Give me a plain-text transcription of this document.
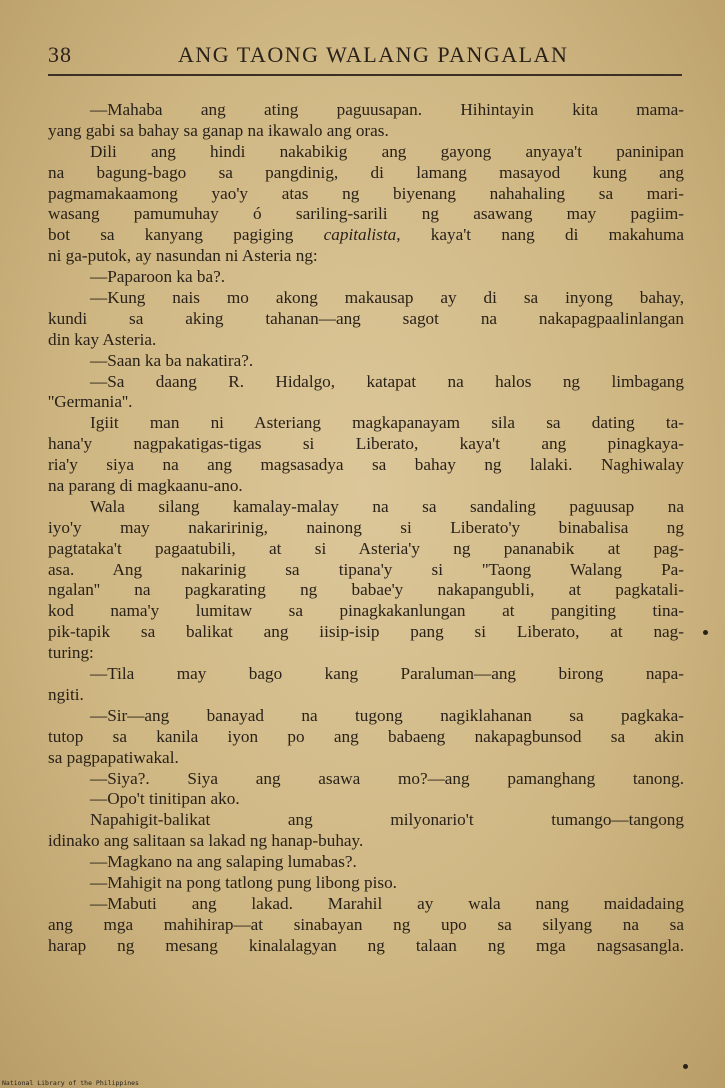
38	ANG TAONG WALANG PANGALAN
—Mahaba ang ating paguusapan. Hihintayin kita mama-
yang gabi sa bahay sa ganap na ikawalo ang oras.
Dili ang hindi nakabikig ang gayong anyaya't paninipan
na bagung-bago sa pangdinig, di lamang masayod kung ang
pagmamakaamong yao'y atas ng biyenang nahahaling sa mari-
wasang pamumuhay ó sariling-sarili ng asawang may pagiim-
bot sa kanyang pagiging capitalista, kaya't nang di makahuma
ni ga-putok, ay nasundan ni Asteria ng:
—Paparoon ka ba?.
—Kung nais mo akong makausap ay di sa inyong bahay,
kundi sa aking tahanan—ang sagot na nakapagpaalinlangan
din kay Asteria.
—Saan ka ba nakatira?.
—Sa daang R. Hidalgo, katapat na halos ng limbagang
''Germania''.
Igiit man ni Asteriang magkapanayam sila sa dating ta-
hana'y nagpakatigas-tigas si Liberato, kaya't ang pinagkaya-
ria'y siya na ang magsasadya sa bahay ng lalaki. Naghiwalay
na parang di magkaanu-ano.
Wala silang kamalay-malay na sa sandaling paguusap na
iyo'y may nakaririnig, nainong si Liberato'y binabalisa ng
pagtataka't pagaatubili, at si Asteria'y ng pananabik at pag-
asa. Ang nakarinig sa tipana'y si ''Taong Walang Pa-
ngalan'' na pagkarating ng babae'y nakapangubli, at pagkatali-
kod nama'y lumitaw sa pinagkakanlungan at pangiting tina-
pik-tapik sa balikat ang iisip-isip pang si Liberato, at nag-
turing:
—Tila may bago kang Paraluman—ang birong napa-
ngiti.
—Sir—ang banayad na tugong nagiklahanan sa pagkaka-
tutop sa kanila iyon po ang babaeng nakapagbunsod sa akin
sa pagpapatiwakal.
—Siya?. Siya ang asawa mo?—ang pamanghang tanong.
—Opo't tinitipan ako.
Napahigit-balikat ang milyonario't tumango—tangong
idinako ang salitaan sa lakad ng hanap-buhay.
—Magkano na ang salaping lumabas?.
—Mahigit na pong tatlong pung libong piso.
—Mabuti ang lakad. Marahil ay wala nang maidadaing
ang mga mahihirap—at sinabayan ng upo sa silyang na sa
harap ng mesang kinalalagyan ng talaan ng mga nagsasangla.
National Library of the Philippines
